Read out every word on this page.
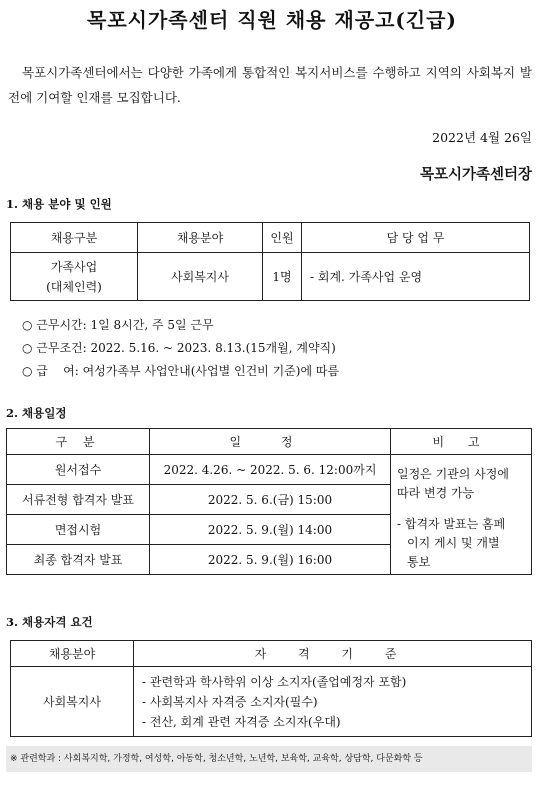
목포시가족센터 직원 채용 재공고(긴급)
목포시가족센터에서는 다양한 가족에게 통합적인 복지서비스를 수행하고 지역의 사회복지 발전에 기여할 인재를 모집합니다.
2022년 4월 26일
목포시가족센터장
1. 채용 분야 및 인원
채용구분	채용분야	인원	담 당 업 무

가족사업
(대체인력)	사회복지사	1명	- 회계. 가족사업 운영
○ 근무시간: 1일 8시간, 주 5일 근무
○ 근무조건: 2022. 5.16. ~ 2023. 8.13.(15개월, 계약직)
○ 급    여: 여성가족부 사업안내(사업별 인건비 기준)에 따름
2. 채용일정
구 분	일 정	비 고
원서접수	2022. 4.26. ~ 2022. 5. 6. 12:00까지	일정은 기관의 사정에
따라 변경 가능
- 합격자 발표는 홈페
이지 게시 및 개별
통보

서류전형 합격자 발표	2022. 5. 6.(금) 15:00	
면접시험	2022. 5. 9.(월) 14:00	
최종 합격자 발표	2022. 5. 9.(월) 16:00	
3. 채용자격 요건
채용분야	자 격 기 준
사회복지사	- 관련학과 학사학위 이상 소지자(졸업예정자 포함)
- 사회복지사 자격증 소지자(필수)
- 전산, 회계 관련 자격증 소지자(우대)
※ 관련학과 : 사회복지학, 가정학, 여성학, 아동학, 청소년학, 노년학, 보육학, 교육학, 상담학, 다문화학 등
